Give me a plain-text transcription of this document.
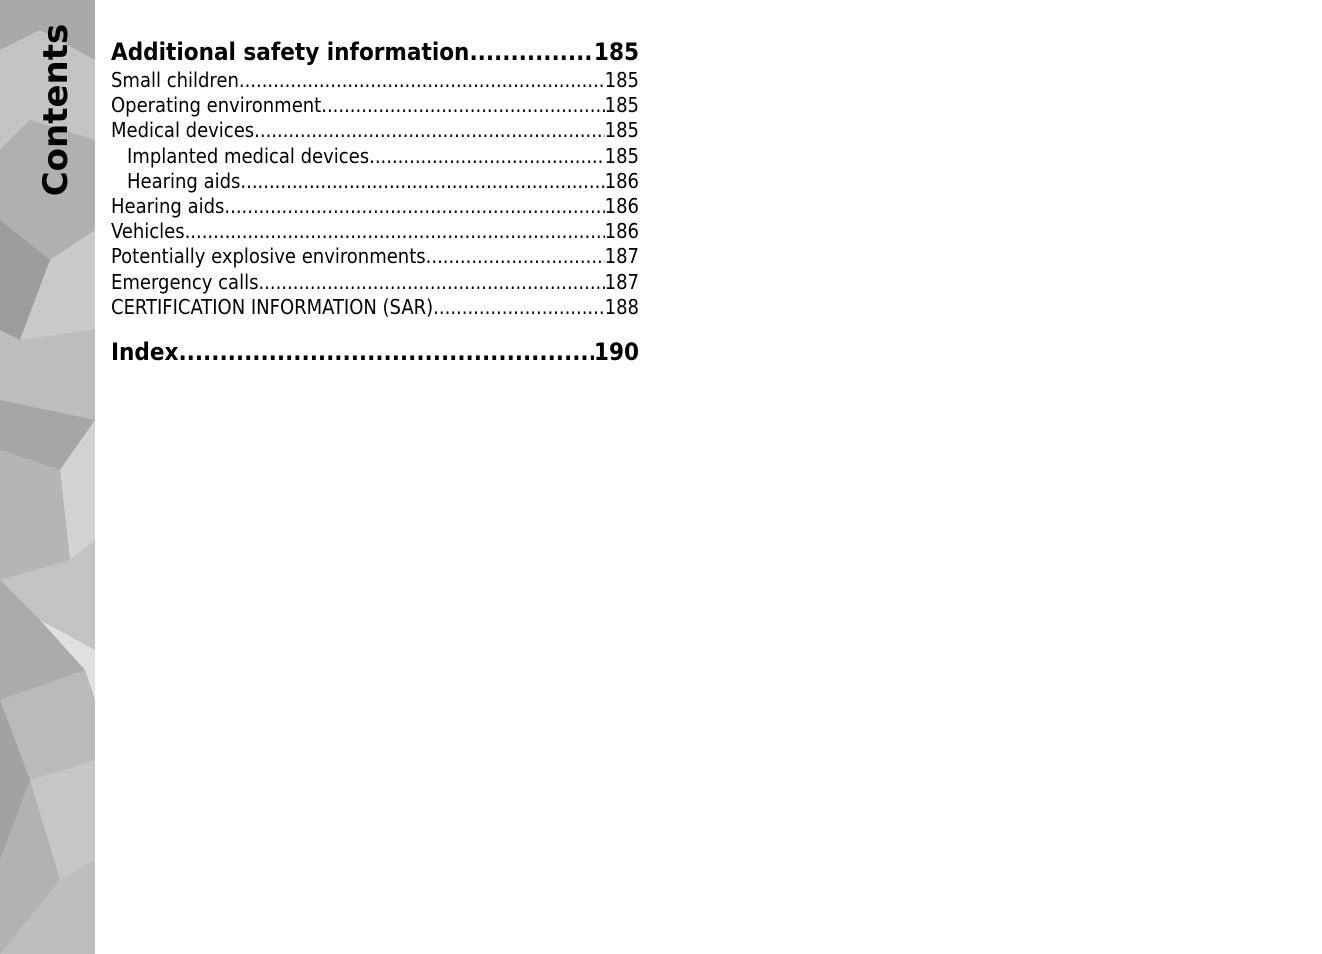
Contents Additional safety information .....	185
Small children .....	185
Operating environment .....	185
Medical devices .....	185
Implanted medical devices .....	185
Hearing aids .....	186
Hearing aids .....	186
Vehicles .....	186
Potentially explosive environments .....	187
Emergency calls .....	187
CERTIFICATION INFORMATION (SAR) .....	188
Index .....	190
